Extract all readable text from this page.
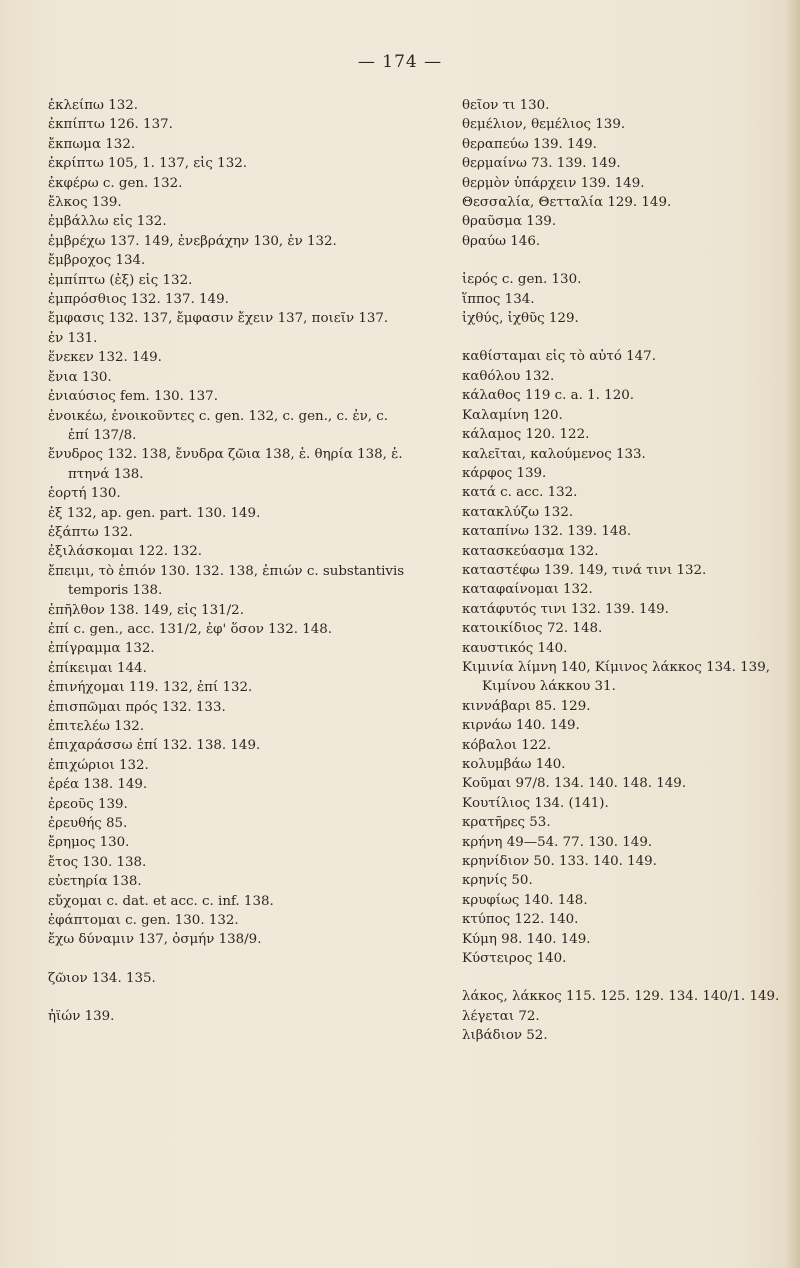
— 174 —
ἐκλείπω 132.
ἐκπίπτω 126. 137.
ἔκπωμα 132.
ἐκρίπτω 105, 1. 137, εἰς 132.
ἐκφέρω c. gen. 132.
ἔλκος 139.
ἐμβάλλω εἰς 132.
ἐμβρέχω 137. 149, ἐνεβράχην 130, ἐν 132.
ἔμβροχος 134.
ἐμπίπτω (ἐξ) εἰς 132.
ἐμπρόσθιος 132. 137. 149.
ἔμφασις 132. 137, ἔμφασιν ἔχειν 137, ποιεῖν 137.
ἐν 131.
ἕνεκεν 132. 149.
ἔνια 130.
ἐνιαύσιος fem. 130. 137.
ἐνοικέω, ἐνοικοῦντες c. gen. 132, c. gen., c. ἐν, c. ἐπί 137/8.
ἔνυδρος 132. 138, ἔνυδρα ζῶια 138, ἑ. θηρία 138, ἑ. πτηνά 138.
ἑορτή 130.
ἐξ 132, ap. gen. part. 130. 149.
ἐξάπτω 132.
ἐξιλάσκομαι 122. 132.
ἔπειμι, τὸ ἐπιόν 130. 132. 138, ἐπιών c. substantivis temporis 138.
ἐπῆλθον 138. 149, εἰς 131/2.
ἐπί c. gen., acc. 131/2, ἐφ' ὅσον 132. 148.
ἐπίγραμμα 132.
ἐπίκειμαι 144.
ἐπινήχομαι 119. 132, ἐπί 132.
ἐπισπῶμαι πρός 132. 133.
ἐπιτελέω 132.
ἐπιχαράσσω ἐπί 132. 138. 149.
ἐπιχώριοι 132.
ἐρέα 138. 149.
ἐρεοῦς 139.
ἐρευθής 85.
ἔρημος 130.
ἔτος 130. 138.
εὐετηρία 138.
εὔχομαι c. dat. et acc. c. inf. 138.
ἐφάπτομαι c. gen. 130. 132.
ἔχω δύναμιν 137, ὀσμήν 138/9.
ζῶιον 134. 135.
ἠϊών 139.
θεῖον τι 130.
θεμέλιον, θεμέλιος 139.
θεραπεύω 139. 149.
θερμαίνω 73. 139. 149.
θερμὸν ὑπάρχειν 139. 149.
Θεσσαλία, Θετταλία 129. 149.
θραῦσμα 139.
θραύω 146.
ἱερός c. gen. 130.
ἵππος 134.
ἰχθύς, ἰχθῦς 129.
καθίσταμαι εἰς τὸ αὐτό 147.
καθόλου 132.
κάλαθος 119 c. a. 1. 120.
Καλαμίνη 120.
κάλαμος 120. 122.
καλεῖται, καλούμενος 133.
κάρφος 139.
κατά c. acc. 132.
κατακλύζω 132.
καταπίνω 132. 139. 148.
κατασκεύασμα 132.
καταστέφω 139. 149, τινά τινι 132.
καταφαίνομαι 132.
κατάφυτός τινι 132. 139. 149.
κατοικίδιος 72. 148.
καυστικός 140.
Κιμινία λίμνη 140, Κίμινος λάκκος 134. 139, Κιμίνου λάκκου 31.
κιννάβαρι 85. 129.
κιρνάω 140. 149.
κόβαλοι 122.
κολυμβάω 140.
Κοῦμαι 97/8. 134. 140. 148. 149.
Κουτίλιος 134. (141).
κρατῆρες 53.
κρήνη 49—54. 77. 130. 149.
κρηνίδιον 50. 133. 140. 149.
κρηνίς 50.
κρυφίως 140. 148.
κτύπος 122. 140.
Κύμη 98. 140. 149.
Κύστειρος 140.
λάκος, λάκκος 115. 125. 129. 134. 140/1. 149.
λέγεται 72.
λιβάδιον 52.
